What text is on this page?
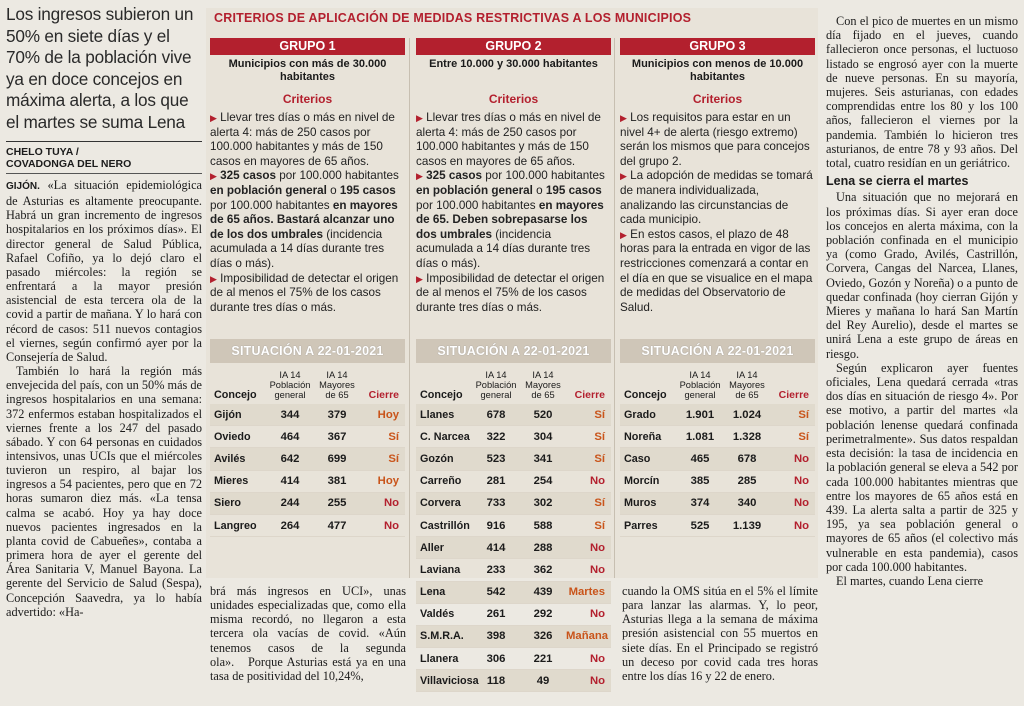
Los ingresos subieron un 50% en siete días y el 70% de la población vive ya en doce concejos en máxima alerta, a los que el martes se suma Lena
CHELO TUYA /
COVADONGA DEL NERO

GIJÓN. «La situación epidemiológica de Asturias es altamente preocupante. Habrá un gran incremento de ingresos hospitalarios en los próximos días». El director general de Salud Pública, Rafael Cofiño, ya lo dejó claro el pasado miércoles: la región se enfrentará a la mayor presión asistencial de esta tercera ola de la covid a partir de mañana. Y lo hará con récord de casos: 511 nuevos contagios el viernes, según confirmó ayer por la Consejería de Salud.

También lo hará la región más envejecida del país, con un 50% más de ingresos hospitalarios en una semana: 372 enfermos estaban hospitalizados el viernes frente a los 247 del pasado sábado. Y con 64 personas en cuidados intensivos, unas UCIs que el miércoles tuvieron un respiro, al bajar los ingresos a 54 pacientes, pero que en 72 horas sumaron diez más. «La tensa calma se acabó. Hoy ya hay doce nuevos pacientes ingresados en la planta covid de Cabueñes», contaba a primera hora de ayer el gerente del Área Sanitaria V, Manuel Bayona. La gerente del Servicio de Salud (Sespa), Concepción Saavedra, ya lo había advertido: «Ha-

CRITERIOS DE APLICACIÓN DE MEDIDAS RESTRICTIVAS A LOS MUNICIPIOS
GRUPO 1
Municipios con más de 30.000 habitantes
Criterios

▶ Llevar tres días o más en nivel de alerta 4: más de 250 casos por 100.000 habitantes y más de 150 casos en mayores de 65 años.

▶ 325 casos por 100.000 habitantes en población general o 195 casos por 100.000 habitantes en mayores de 65 años. Bastará alcanzar uno de los dos umbrales (incidencia acumulada a 14 días durante tres días o más).

▶ Imposibilidad de detectar el origen de al menos el 75% de los casos durante tres días o más.

GRUPO 2
Entre 10.000 y 30.000 habitantes
Criterios

▶ Llevar tres días o más en nivel de alerta 4: más de 250 casos por 100.000 habitantes y más de 150 casos en mayores de 65 años.

▶ 325 casos por 100.000 habitantes en población general o 195 casos por 100.000 habitantes en mayores de 65. Deben sobrepasarse los dos umbrales (incidencia acumulada a 14 días durante tres días o más).

▶ Imposibilidad de detectar el origen de al menos el 75% de los casos durante tres días o más.

GRUPO 3
Municipios con menos de 10.000 habitantes
Criterios

▶ Los requisitos para estar en un nivel 4+ de alerta (riesgo extremo) serán los mismos que para concejos del grupo 2.

▶ La adopción de medidas se tomará de manera individualizada, analizando las circunstancias de cada municipio.

▶ En estos casos, el plazo de 48 horas para la entrada en vigor de las restricciones comenzará a contar en el día en que se visualice en el mapa de medidas del Observatorio de Salud.

SITUACIÓN A 22-01-2021	SITUACIÓN A 22-01-2021	SITUACIÓN A 22-01-2021
Concejo
IA 14 Población general
IA 14 Mayores de 65	Cierre
Gijón	344	379	Hoy
Oviedo	464	367	Sí
Avilés	642	699	Sí
Mieres	414	381	Hoy
Siero	244	255	No
Langreo	264	477	No
Concejo
IA 14 Población general
IA 14 Mayores de 65	Cierre
Llanes	678	520	Sí
C. Narcea	322	304	Sí
Gozón	523	341	Sí
Carreño	281	254	No
Corvera	733	302	Sí
Castrillón	916	588	Sí
Aller	414	288	No
Laviana	233	362	No
Lena	542	439	Martes
Valdés	261	292	No
S.M.R.A.	398	326	Mañana
Llanera	306	221	No
Villaviciosa 118	49	No
Concejo
IA 14 Población general
IA 14 Mayores de 65	Cierre
Grado	1.901	1.024	Sí
Noreña	1.081	1.328	Sí
Caso	465	678	No
Morcín	385	285	No
Muros	374	340	No
Parres	525	1.139	No
brá más ingresos en UCI», unas unidades especializadas que, como ella misma recordó, no llegaron a esta tercera ola vacías de covid. «Aún tenemos casos de la segunda ola».   Porque Asturias está ya en una tasa de positividad del 10,24%,
cuando la OMS sitúa en el 5% el límite para lanzar las alarmas. Y, lo peor, Asturias llega a la semana de máxima presión asistencial con 55 muertos en siete días. En el Principado se registró un deceso por covid cada tres horas entre los días 16 y 22 de enero.

Con el pico de muertes en un mismo día fijado en el jueves, cuando fallecieron once personas, el luctuoso listado se engrosó ayer con la muerte de nueve personas. En su mayoría, mujeres. Seis asturianas, con edades comprendidas entre los 80 y los 100 años, fallecieron el viernes por la pandemia. También lo hicieron tres asturianos, de entre 78 y 93 años. Del total, cuatro residían en un geriátrico.

Lena se cierra el martes

Una situación que no mejorará en los próximas días. Si ayer eran doce los concejos en alerta máxima, con la población confinada en el municipio ya (como Grado, Avilés, Castrillón, Corvera, Cangas del Narcea, Llanes, Oviedo, Gozón y Noreña) o a punto de quedar confinada (hoy cierran Gijón y Mieres y mañana lo hará San Martín del Rey Aurelio), desde el martes se unirá Lena a este grupo de áreas en riesgo.

Según explicaron ayer fuentes oficiales, Lena quedará cerrada «tras dos días en situación de riesgo 4». Por ese motivo, a partir del martes «la población lenense quedará confinada perimetralmente». Sus datos respaldan esta decisión: la tasa de incidencia en la población general se eleva a 542 por cada 100.000 habitantes mientras que entre los mayores de 65 años está en 439. La alerta salta a partir de 325 y 195, ya sea población general o mayores de 65 años (el colectivo más vulnerable en esta pandemia), casos por cada 100.000 habitantes.

El martes, cuando Lena cierre
